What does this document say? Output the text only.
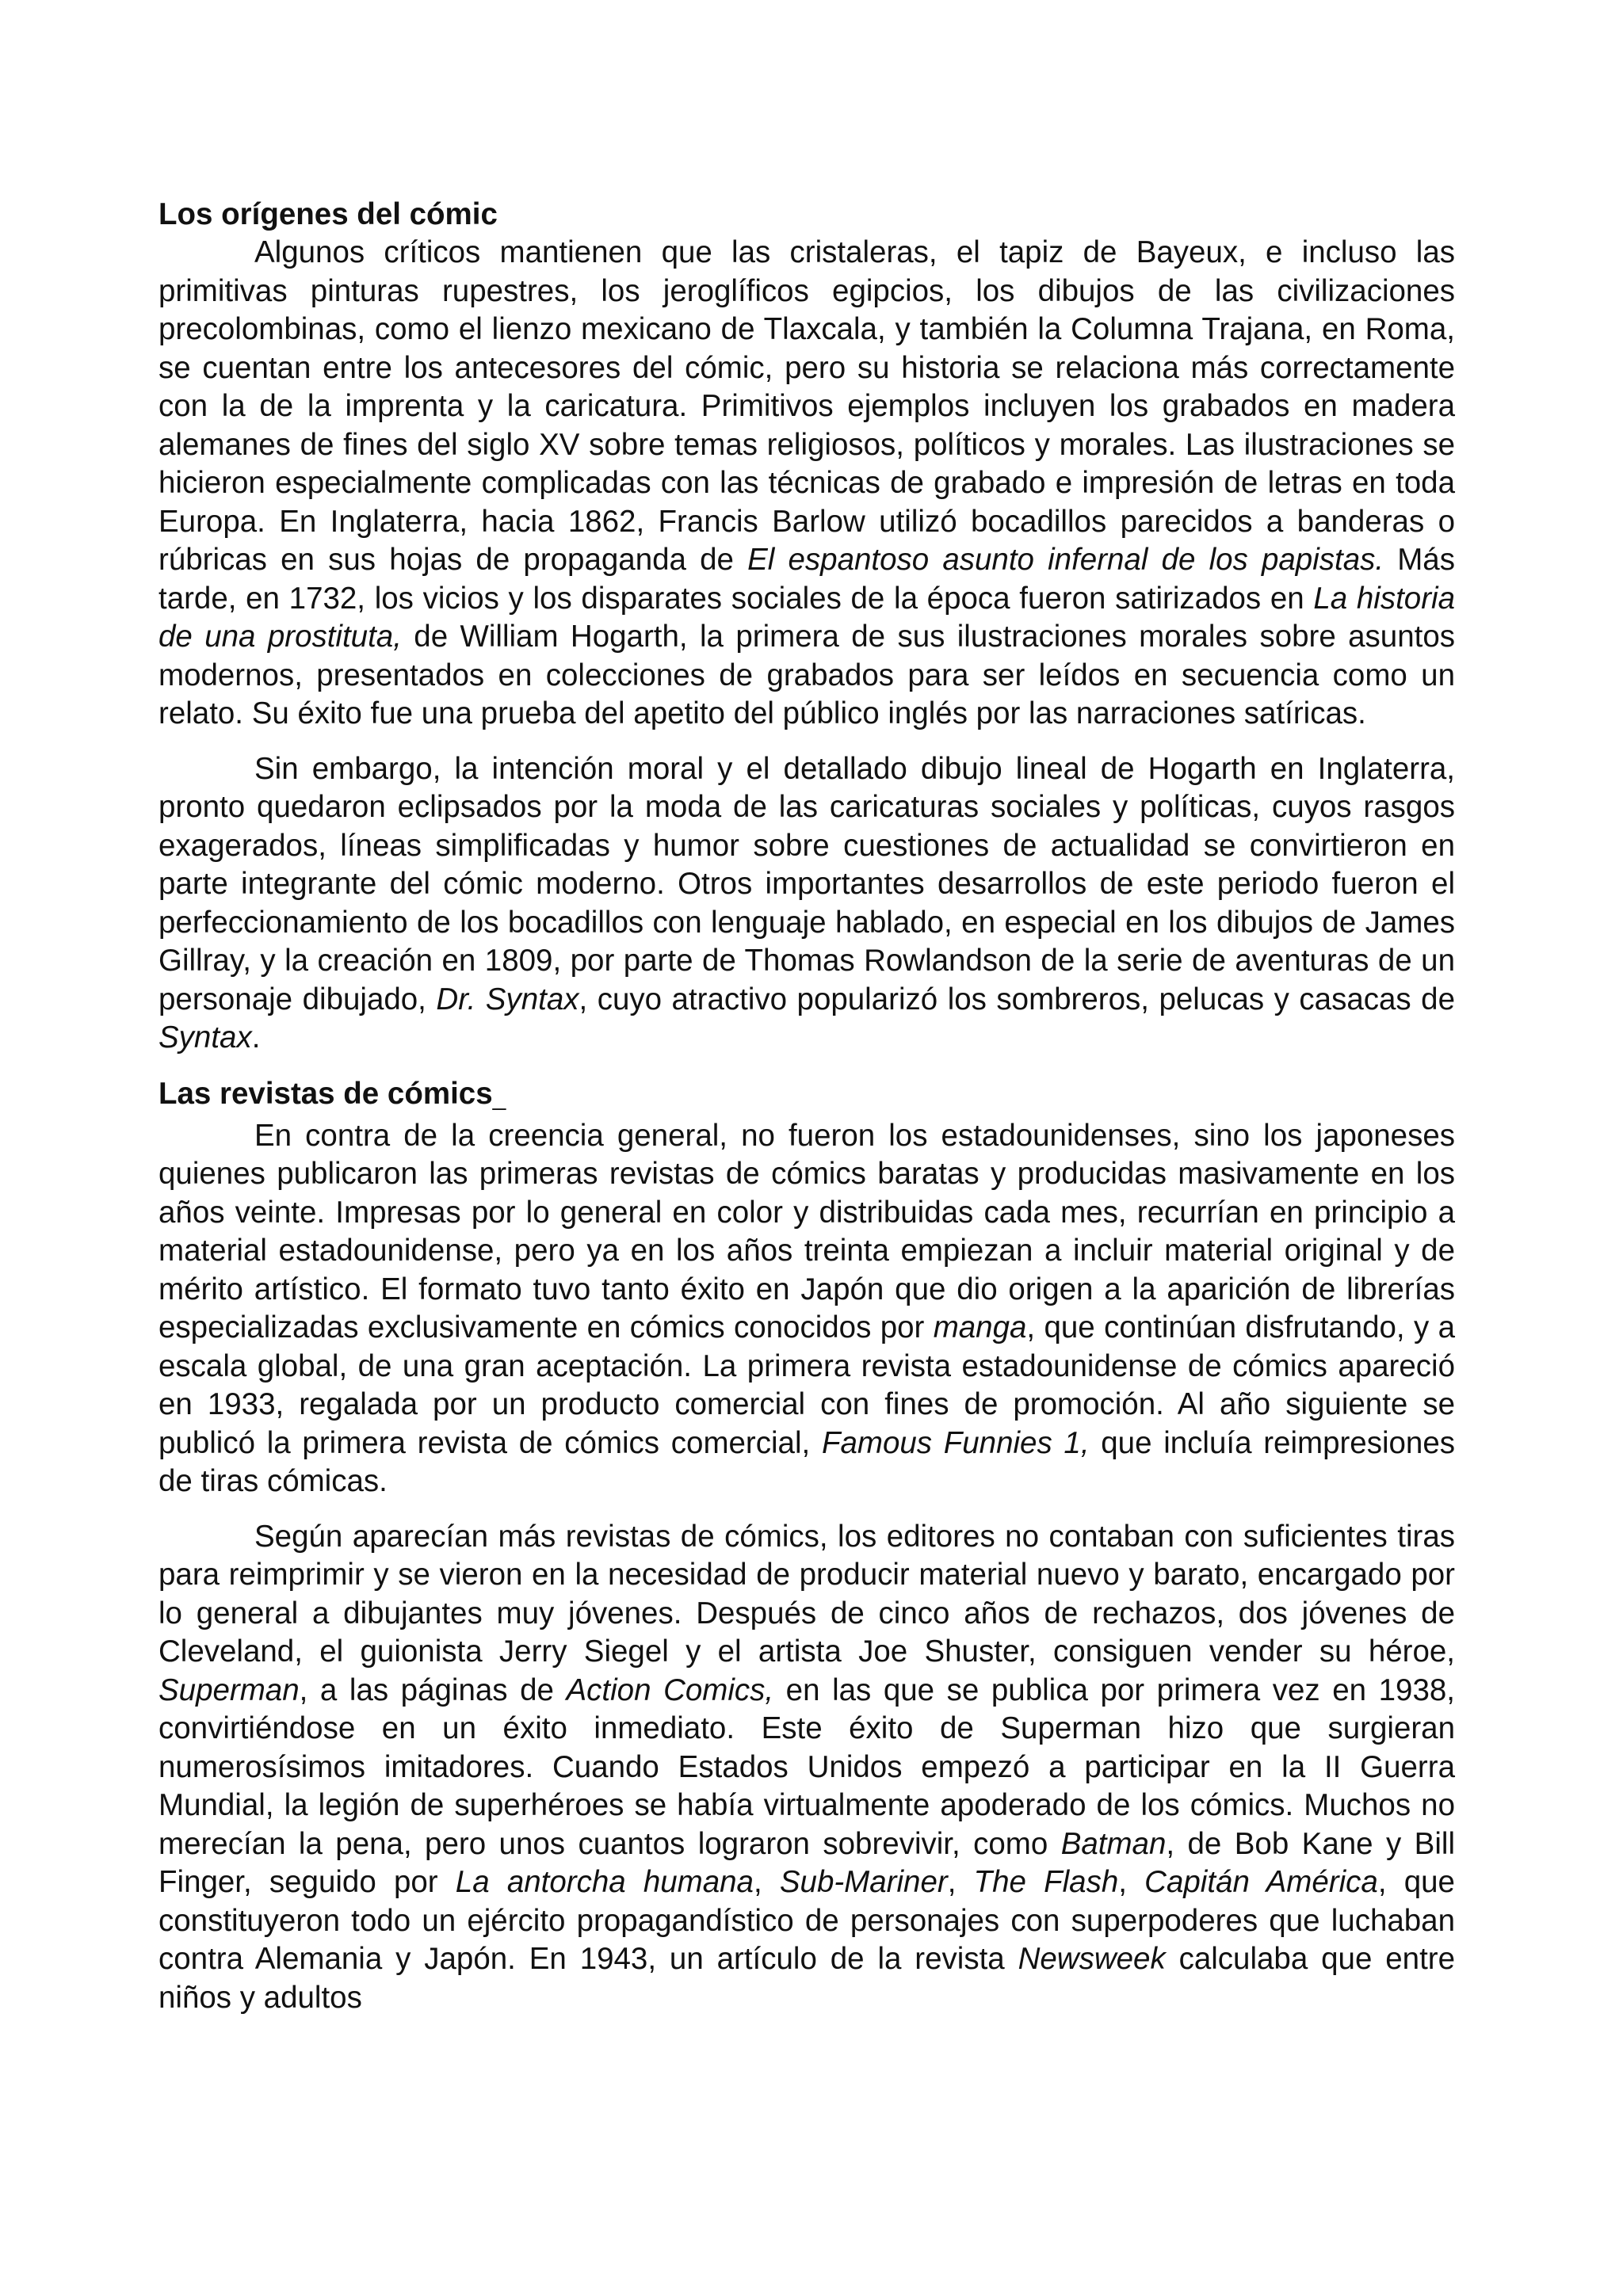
Los orígenes del cómic

Algunos críticos mantienen que las cristaleras, el tapiz de Bayeux, e incluso las primitivas pinturas rupestres, los jeroglíficos egipcios, los dibujos de las civilizaciones precolombinas, como el lienzo mexicano de Tlaxcala, y también la Columna Trajana, en Roma, se cuentan entre los antecesores del cómic, pero su historia se relaciona más correctamente con la de la imprenta y la caricatura. Primitivos ejemplos incluyen los grabados en madera alemanes de fines del siglo XV sobre temas religiosos, políticos y morales. Las ilustraciones se hicieron especialmente complicadas con las técnicas de grabado e impresión de letras en toda Europa. En Inglaterra, hacia 1862, Francis Barlow utilizó bocadillos parecidos a banderas o rúbricas en sus hojas de propaganda de El espantoso asunto infernal de los papistas. Más tarde, en 1732, los vicios y los disparates sociales de la época fueron satirizados en La historia de una prostituta, de William Hogarth, la primera de sus ilustraciones morales sobre asuntos modernos, presentados en colecciones de grabados para ser leídos en secuencia como un relato. Su éxito fue una prueba del apetito del público inglés por las narraciones satíricas.

Sin embargo, la intención moral y el detallado dibujo lineal de Hogarth en Inglaterra, pronto quedaron eclipsados por la moda de las caricaturas sociales y políticas, cuyos rasgos exagerados, líneas simplificadas y humor sobre cuestiones de actualidad se convirtieron en parte integrante del cómic moderno. Otros importantes desarrollos de este periodo fueron el perfeccionamiento de los bocadillos con lenguaje hablado, en especial en los dibujos de James Gillray, y la creación en 1809, por parte de Thomas Rowlandson de la serie de aventuras de un personaje dibujado, Dr. Syntax, cuyo atractivo popularizó los sombreros, pelucas y casacas de Syntax.

Las revistas de cómics_

En contra de la creencia general, no fueron los estadounidenses, sino los japoneses quienes publicaron las primeras revistas de cómics baratas y producidas masivamente en los años veinte. Impresas por lo general en color y distribuidas cada mes, recurrían en principio a material estadounidense, pero ya en los años treinta empiezan a incluir material original y de mérito artístico. El formato tuvo tanto éxito en Japón que dio origen a la aparición de librerías especializadas exclusivamente en cómics conocidos por manga, que continúan disfrutando, y a escala global, de una gran aceptación. La primera revista estadounidense de cómics apareció en 1933, regalada por un producto comercial con fines de promoción. Al año siguiente se publicó la primera revista de cómics comercial, Famous Funnies 1, que incluía reimpresiones de tiras cómicas.

Según aparecían más revistas de cómics, los editores no contaban con suficientes tiras para reimprimir y se vieron en la necesidad de producir material nuevo y barato, encargado por lo general a dibujantes muy jóvenes. Después de cinco años de rechazos, dos jóvenes de Cleveland, el guionista Jerry Siegel y el artista Joe Shuster, consiguen vender su héroe, Superman, a las páginas de Action Comics, en las que se publica por primera vez en 1938, convirtiéndose en un éxito inmediato. Este éxito de Superman hizo que surgieran numerosísimos imitadores. Cuando Estados Unidos empezó a participar en la II Guerra Mundial, la legión de superhéroes se había virtualmente apoderado de los cómics. Muchos no merecían la pena, pero unos cuantos lograron sobrevivir, como Batman, de Bob Kane y Bill Finger, seguido por La antorcha humana, Sub-Mariner, The Flash, Capitán América, que constituyeron todo un ejército propagandístico de personajes con superpoderes que luchaban contra Alemania y Japón. En 1943, un artículo de la revista Newsweek calculaba que entre niños y adultos
